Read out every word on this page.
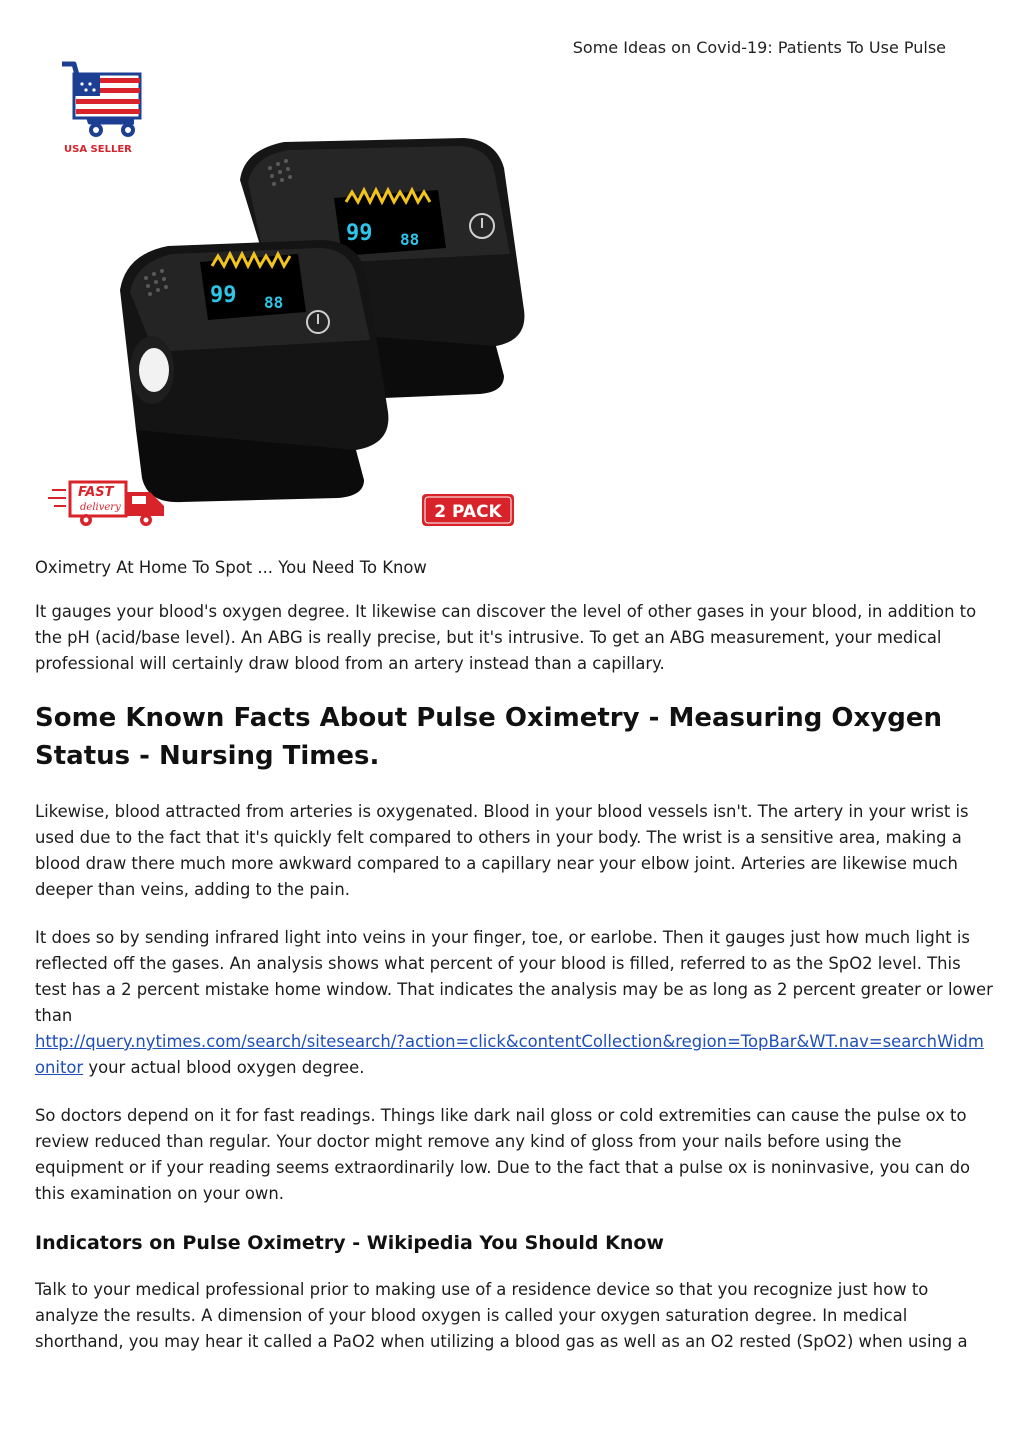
Some Ideas on Covid-19: Patients To Use Pulse
USA SELLER
99 88
99 88
FAST
delivery	2 PACK

Oximetry At Home To Spot ... You Need To Know

It gauges your blood's oxygen degree. It likewise can discover the level of other gases in your blood, in addition to the pH (acid/base level). An ABG is really precise, but it's intrusive. To get an ABG measurement, your medical professional will certainly draw blood from an artery instead than a capillary.

Some Known Facts About Pulse Oximetry - Measuring Oxygen Status - Nursing Times.

Likewise, blood attracted from arteries is oxygenated. Blood in your blood vessels isn't. The artery in your wrist is used due to the fact that it's quickly felt compared to others in your body. The wrist is a sensitive area, making a blood draw there much more awkward compared to a capillary near your elbow joint. Arteries are likewise much deeper than veins, adding to the pain.

It does so by sending infrared light into veins in your finger, toe, or earlobe. Then it gauges just how much light is reflected off the gases. An analysis shows what percent of your blood is filled, referred to as the SpO2 level. This test has a 2 percent mistake home window. That indicates the analysis may be as long as 2 percent greater or lower than
http://query.nytimes.com/search/sitesearch/?action=click&contentCollection&region=TopBar&WT.nav=searchWidmonitor your actual blood oxygen degree.

So doctors depend on it for fast readings. Things like dark nail gloss or cold extremities can cause the pulse ox to review reduced than regular. Your doctor might remove any kind of gloss from your nails before using the equipment or if your reading seems extraordinarily low. Due to the fact that a pulse ox is noninvasive, you can do this examination on your own.

Indicators on Pulse Oximetry - Wikipedia You Should Know

Talk to your medical professional prior to making use of a residence device so that you recognize just how to analyze the results. A dimension of your blood oxygen is called your oxygen saturation degree. In medical shorthand, you may hear it called a PaO2 when utilizing a blood gas as well as an O2 rested (SpO2) when using a
